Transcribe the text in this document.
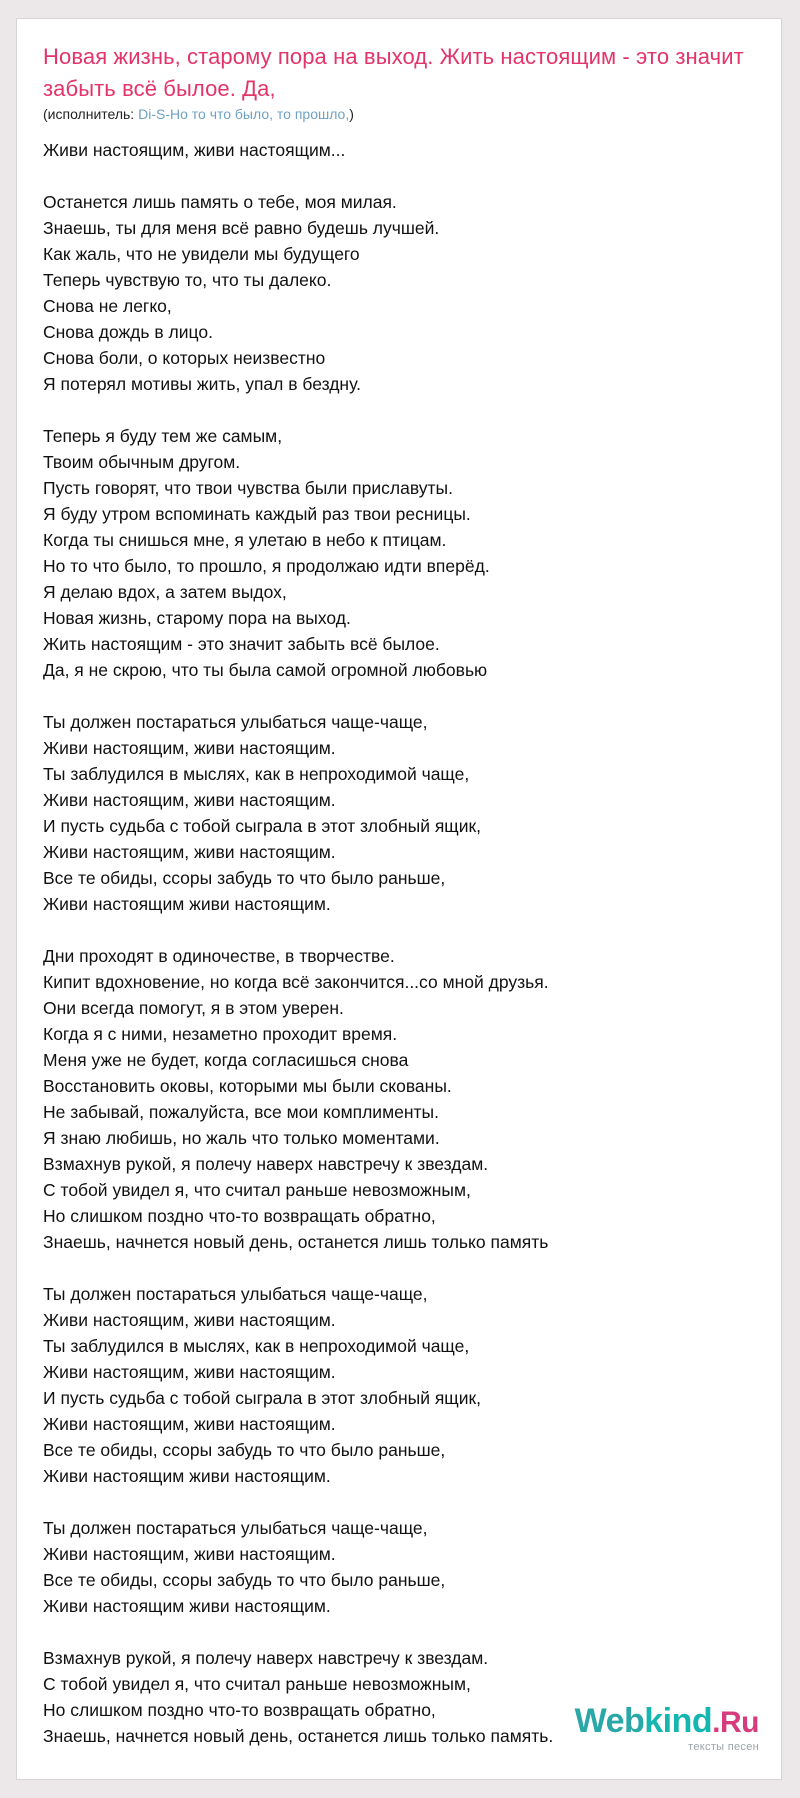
Новая жизнь, старому пора на выход. Жить настоящим - это значит забыть всё былое. Да,
(исполнитель: Di-S-Ho то что было, то прошло,)
Живи настоящим, живи настоящим...
Останется лишь память о тебе, моя милая.
Знаешь, ты для меня всё равно будешь лучшей.
Как жаль, что не увидели мы будущего
Теперь чувствую то, что ты далеко.
Снова не легко,
Снова дождь в лицо.
Снова боли, о которых неизвестно
Я потерял мотивы жить, упал в бездну.
Теперь я буду тем же самым,
Твоим обычным другом.
Пусть говорят, что твои чувства были приславуты.
Я буду утром вспоминать каждый раз твои ресницы.
Когда ты снишься мне, я улетаю в небо к птицам.
Но то что было, то прошло, я продолжаю идти вперёд.
Я делаю вдох, а затем выдох,
Новая жизнь, старому пора на выход.
Жить настоящим - это значит забыть всё былое.
Да, я не скрою, что ты была самой огромной любовью
Ты должен постараться улыбаться чаще-чаще,
Живи настоящим, живи настоящим.
Ты заблудился в мыслях, как в непроходимой чаще,
Живи настоящим, живи настоящим.
И пусть судьба с тобой сыграла в этот злобный ящик,
Живи настоящим, живи настоящим.
Все те обиды, ссоры забудь то что было раньше,
Живи настоящим живи настоящим.
Дни проходят в одиночестве, в творчестве.
Кипит вдохновение, но когда всё закончится...со мной друзья.
Они всегда помогут, я в этом уверен.
Когда я с ними, незаметно проходит время.
Меня уже не будет, когда согласишься снова
Восстановить оковы, которыми мы были скованы.
Не забывай, пожалуйста, все мои комплименты.
Я знаю любишь, но жаль что только моментами.
Взмахнув рукой, я полечу наверх навстречу к звездам.
С тобой увидел я, что считал раньше невозможным,
Но слишком поздно что-то возвращать обратно,
Знаешь, начнется новый день, останется лишь только память
Ты должен постараться улыбаться чаще-чаще,
Живи настоящим, живи настоящим.
Ты заблудился в мыслях, как в непроходимой чаще,
Живи настоящим, живи настоящим.
И пусть судьба с тобой сыграла в этот злобный ящик,
Живи настоящим, живи настоящим.
Все те обиды, ссоры забудь то что было раньше,
Живи настоящим живи настоящим.
Ты должен постараться улыбаться чаще-чаще,
Живи настоящим, живи настоящим.
Все те обиды, ссоры забудь то что было раньше,
Живи настоящим живи настоящим.
Взмахнув рукой, я полечу наверх навстречу к звездам.
С тобой увидел я, что считал раньше невозможным,
Но слишком поздно что-то возвращать обратно,
Знаешь, начнется новый день, останется лишь только память. Webkind.Ru
тексты песен
